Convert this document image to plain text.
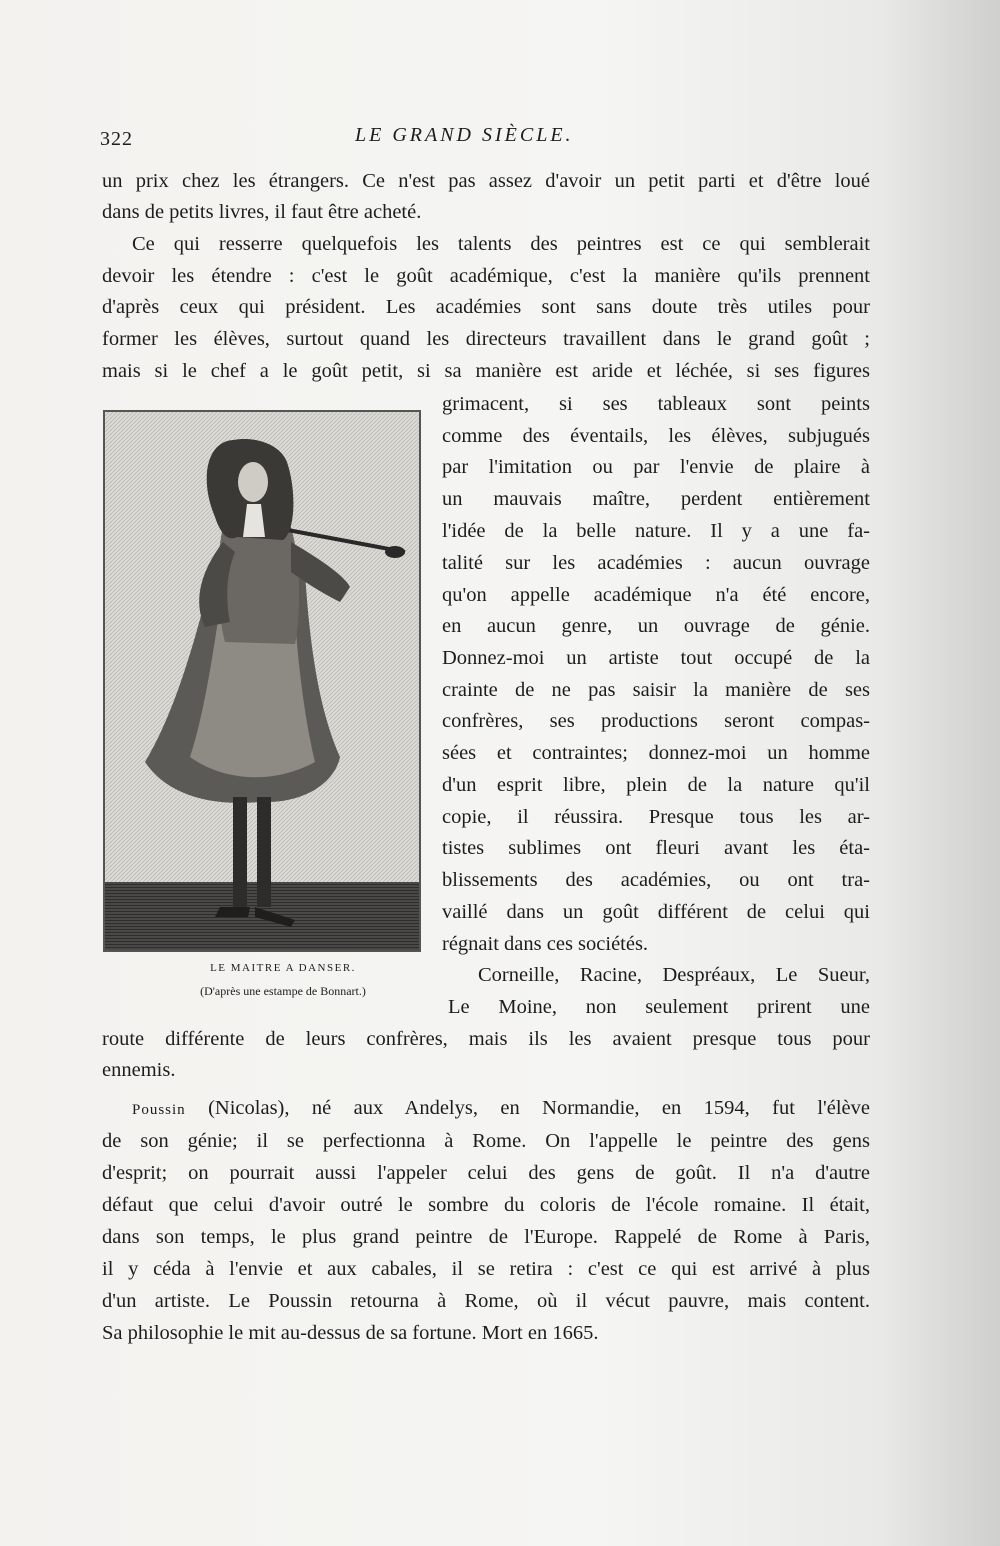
322	LE GRAND SIÈCLE.
un prix chez les étrangers. Ce n'est pas assez d'avoir un petit parti et d'être loué
dans de petits livres, il faut être acheté.
Ce qui resserre quelquefois les talents des peintres est ce qui semblerait
devoir les étendre : c'est le goût académique, c'est la manière qu'ils prennent
d'après ceux qui président. Les académies sont sans doute très utiles pour
former les élèves, surtout quand les directeurs travaillent dans le grand goût ;
mais si le chef a le goût petit, si sa manière est aride et léchée, si ses figures
LE MAITRE A DANSER.
(D'après une estampe de Bonnart.)
grimacent, si ses tableaux sont peints
comme des éventails, les élèves, subjugués
par l'imitation ou par l'envie de plaire à
un mauvais maître, perdent entièrement
l'idée de la belle nature. Il y a une fa-
talité sur les académies : aucun ouvrage
qu'on appelle académique n'a été encore,
en aucun genre, un ouvrage de génie.
Donnez-moi un artiste tout occupé de la
crainte de ne pas saisir la manière de ses
confrères, ses productions seront compas-
sées et contraintes; donnez-moi un homme
d'un esprit libre, plein de la nature qu'il
copie, il réussira. Presque tous les ar-
tistes sublimes ont fleuri avant les éta-
blissements des académies, ou ont tra-
vaillé dans un goût différent de celui qui
régnait dans ces sociétés.
Corneille, Racine, Despréaux, Le Sueur,
Le Moine, non seulement prirent une
route différente de leurs confrères, mais ils les avaient presque tous pour
ennemis.
Poussin (Nicolas), né aux Andelys, en Normandie, en 1594, fut l'élève
de son génie; il se perfectionna à Rome. On l'appelle le peintre des gens
d'esprit; on pourrait aussi l'appeler celui des gens de goût. Il n'a d'autre
défaut que celui d'avoir outré le sombre du coloris de l'école romaine. Il était,
dans son temps, le plus grand peintre de l'Europe. Rappelé de Rome à Paris,
il y céda à l'envie et aux cabales, il se retira : c'est ce qui est arrivé à plus
d'un artiste. Le Poussin retourna à Rome, où il vécut pauvre, mais content.
Sa philosophie le mit au-dessus de sa fortune. Mort en 1665.
